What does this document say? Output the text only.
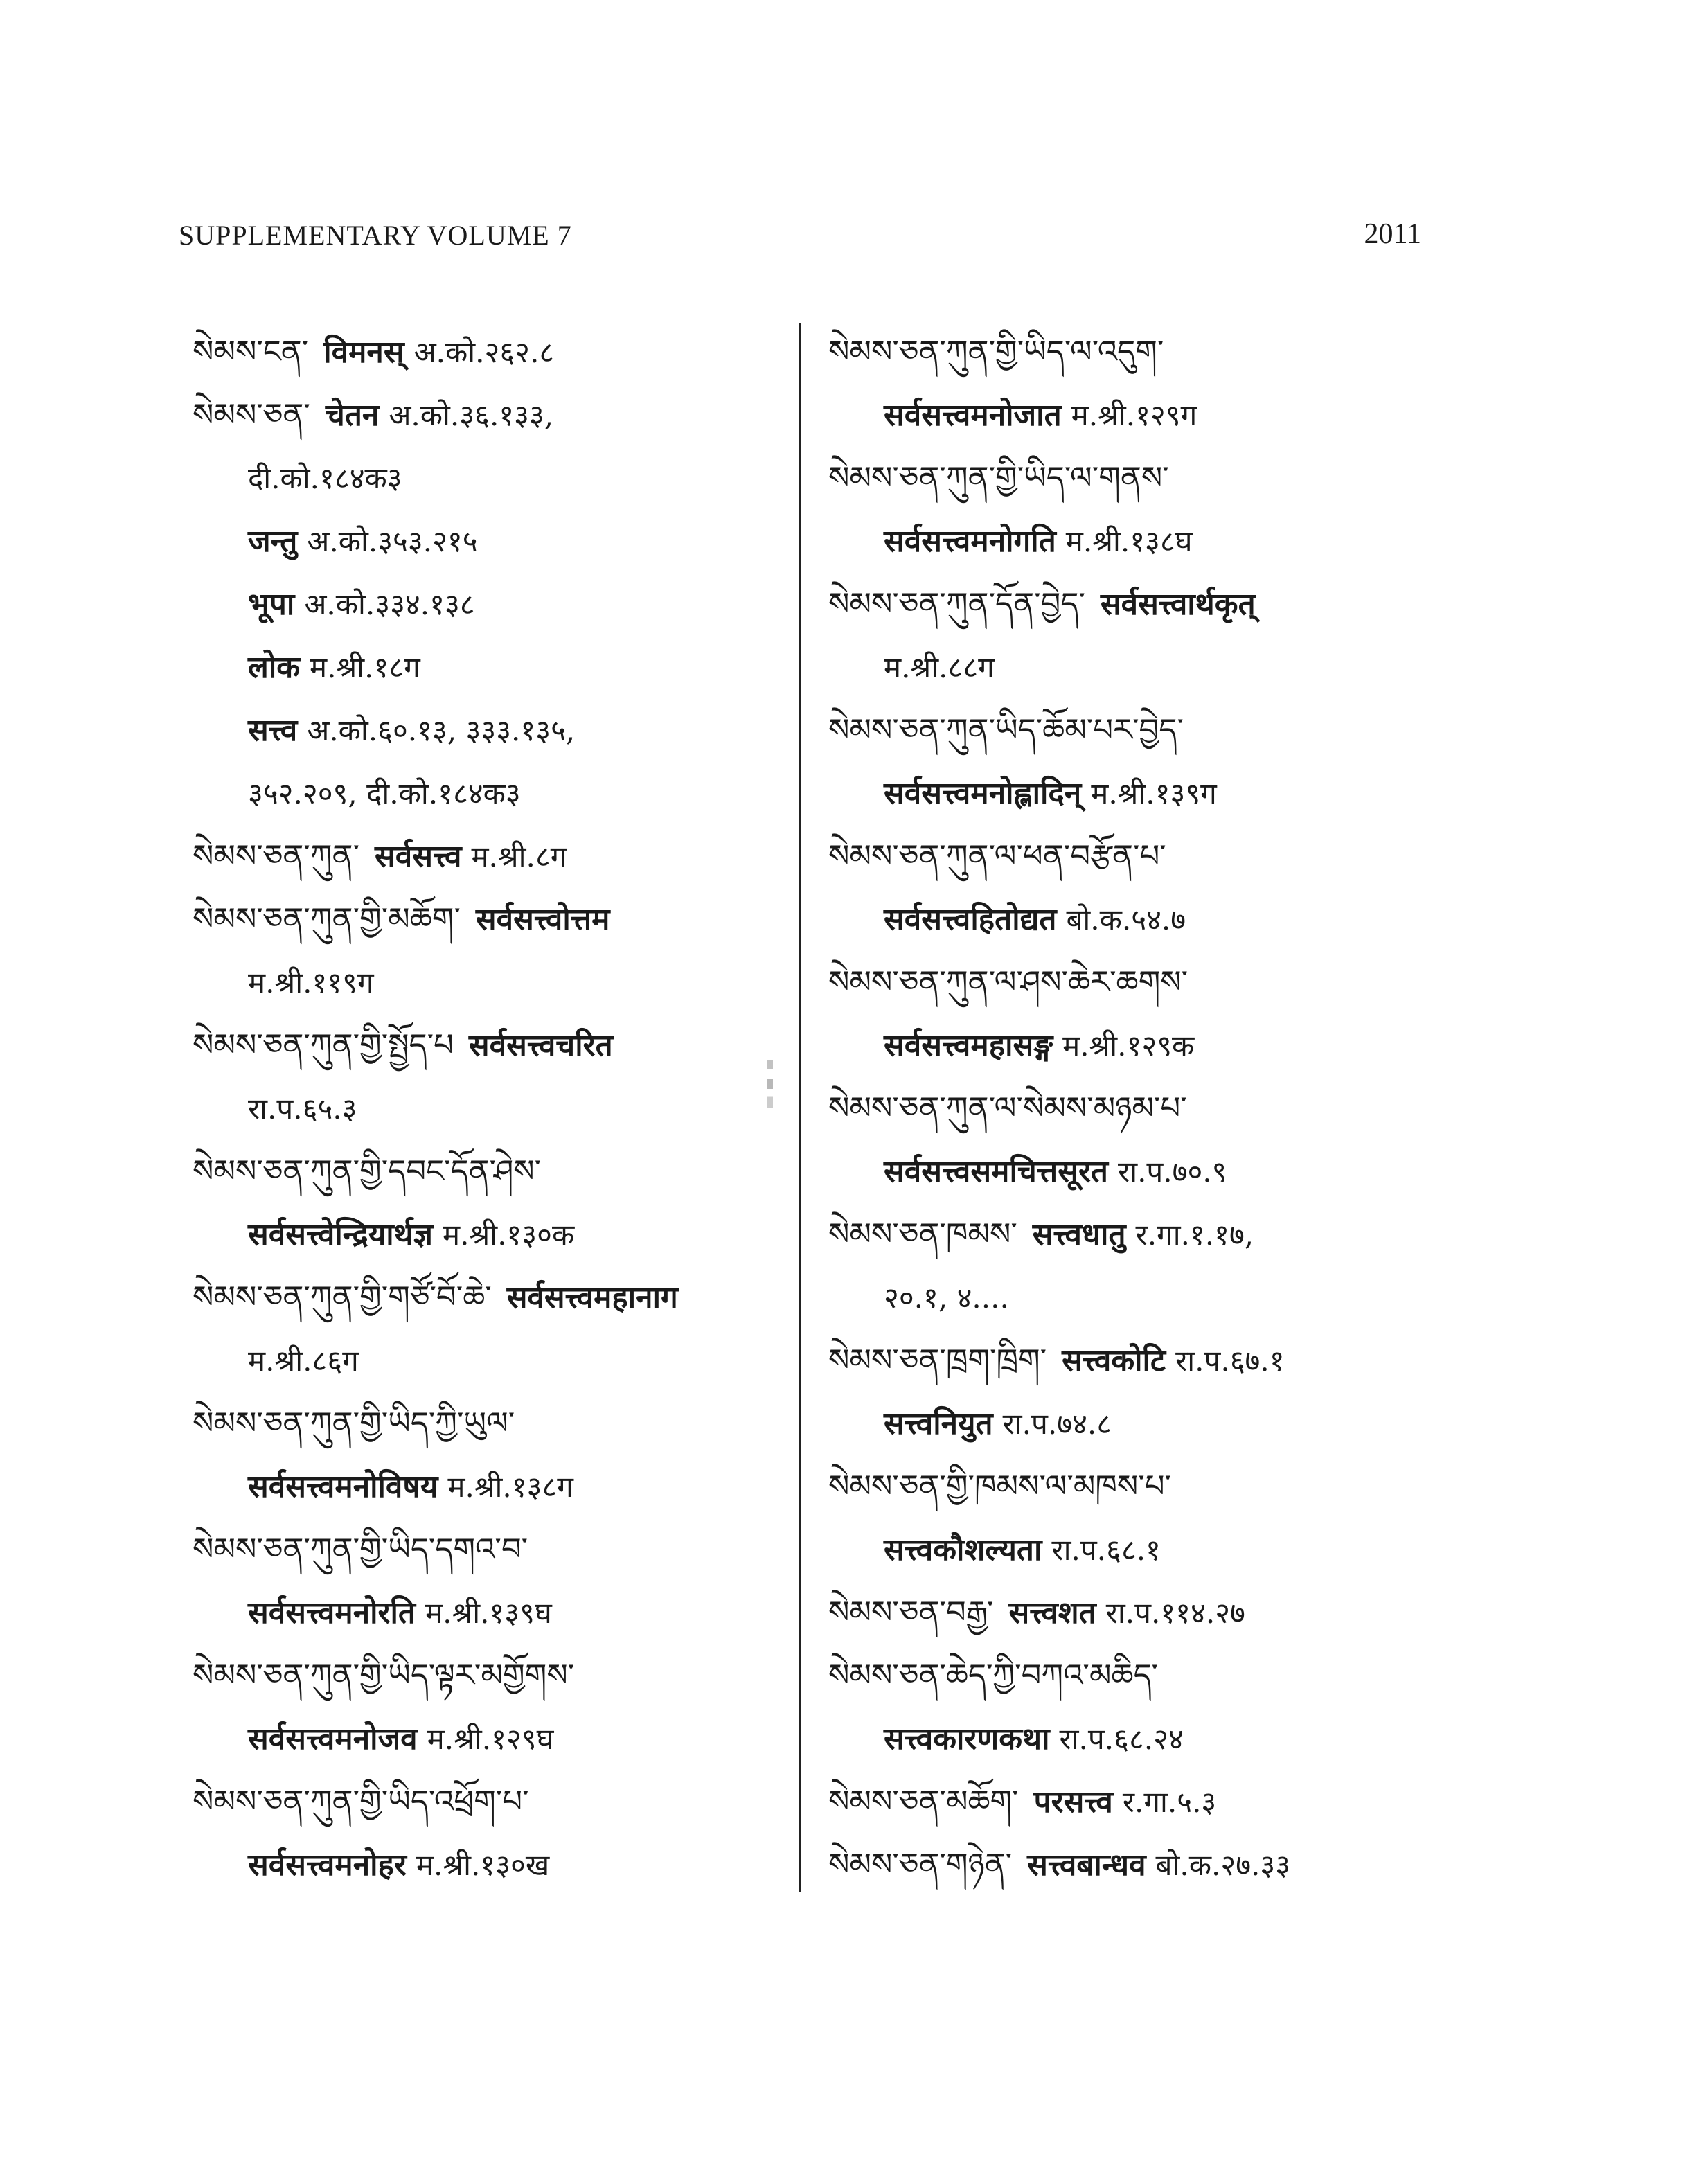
SUPPLEMENTARY VOLUME 7	2011
སེམས་ངན་ विमनस् अ.को.२६२.८
སེམས་ཅན་ चेतन अ.को.३६.१३३,
दी.को.१८४क३
जन्तु अ.को.३५३.२१५
भूपा अ.को.३३४.१३८
लोक म.श्री.१८ग
सत्त्व अ.को.६०.१३, ३३३.१३५,
३५२.२०९, दी.को.१८४क३
སེམས་ཅན་ཀུན་ सर्वसत्त्व म.श्री.८ग
སེམས་ཅན་ཀུན་གྱི་མཆོག་ सर्वसत्त्वोत्तम
म.श्री.११९ग
སེམས་ཅན་ཀུན་གྱི་སྤྱོད་པ सर्वसत्त्वचरित
रा.प.६५.३
སེམས་ཅན་ཀུན་གྱི་དབང་དོན་ཤེས་
सर्वसत्त्वेन्द्रियार्थज्ञ म.श्री.१३०क
སེམས་ཅན་ཀུན་གྱི་གཙོ་བོ་ཆེ་ सर्वसत्त्वमहानाग
म.श्री.८६ग
སེམས་ཅན་ཀུན་གྱི་ཡིད་ཀྱི་ཡུལ་
सर्वसत्त्वमनोविषय म.श्री.१३८ग
སེམས་ཅན་ཀུན་གྱི་ཡིད་དགའ་བ་
सर्वसत्त्वमनोरति म.श्री.१३९घ
སེམས་ཅན་ཀུན་གྱི་ཡིད་ལྟར་མགྱོགས་
सर्वसत्त्वमनोजव म.श्री.१२९घ
སེམས་ཅན་ཀུན་གྱི་ཡིད་འཕྲོག་པ་
सर्वसत्त्वमनोहर म.श्री.१३०ख
སེམས་ཅན་ཀུན་གྱི་ཡིད་ལ་འདུག་
सर्वसत्त्वमनोजात म.श्री.१२९ग
སེམས་ཅན་ཀུན་གྱི་ཡིད་ལ་གནས་
सर्वसत्त्वमनोगति म.श्री.१३८घ
སེམས་ཅན་ཀུན་དོན་བྱེད་ सर्वसत्त्वार्थकृत्
म.श्री.८८ग
སེམས་ཅན་ཀུན་ཡིད་ཆོམ་པར་བྱེད་
सर्वसत्त्वमनोह्लादिन् म.श्री.१३९ग
སེམས་ཅན་ཀུན་ལ་ཕན་བརྩོན་པ་
सर्वसत्त्वहितोद्यत बो.क.५४.७
སེམས་ཅན་ཀུན་ལ་ཤས་ཆེར་ཆགས་
सर्वसत्त्वमहासङ्ग म.श्री.१२९क
སེམས་ཅན་ཀུན་ལ་སེམས་མཉམ་པ་
सर्वसत्त्वसमचित्तसूरत रा.प.७०.९
སེམས་ཅན་ཁམས་ सत्त्वधातु र.गा.१.१७,
२०.१, ४....
སེམས་ཅན་ཁྲག་ཁྲིག་ सत्त्वकोटि रा.प.६७.१
सत्त्वनियुत रा.प.७४.८
སེམས་ཅན་གྱི་ཁམས་ལ་མཁས་པ་
सत्त्वकौशल्यता रा.प.६८.१
སེམས་ཅན་བརྒྱ་ सत्त्वशत रा.प.११४.२७
སེམས་ཅན་ཆེད་ཀྱི་བཀའ་མཆིད་
सत्त्वकारणकथा रा.प.६८.२४
སེམས་ཅན་མཆོག་ परसत्त्व र.गा.५.३
སེམས་ཅན་གཉེན་ सत्त्वबान्धव बो.क.२७.३३
